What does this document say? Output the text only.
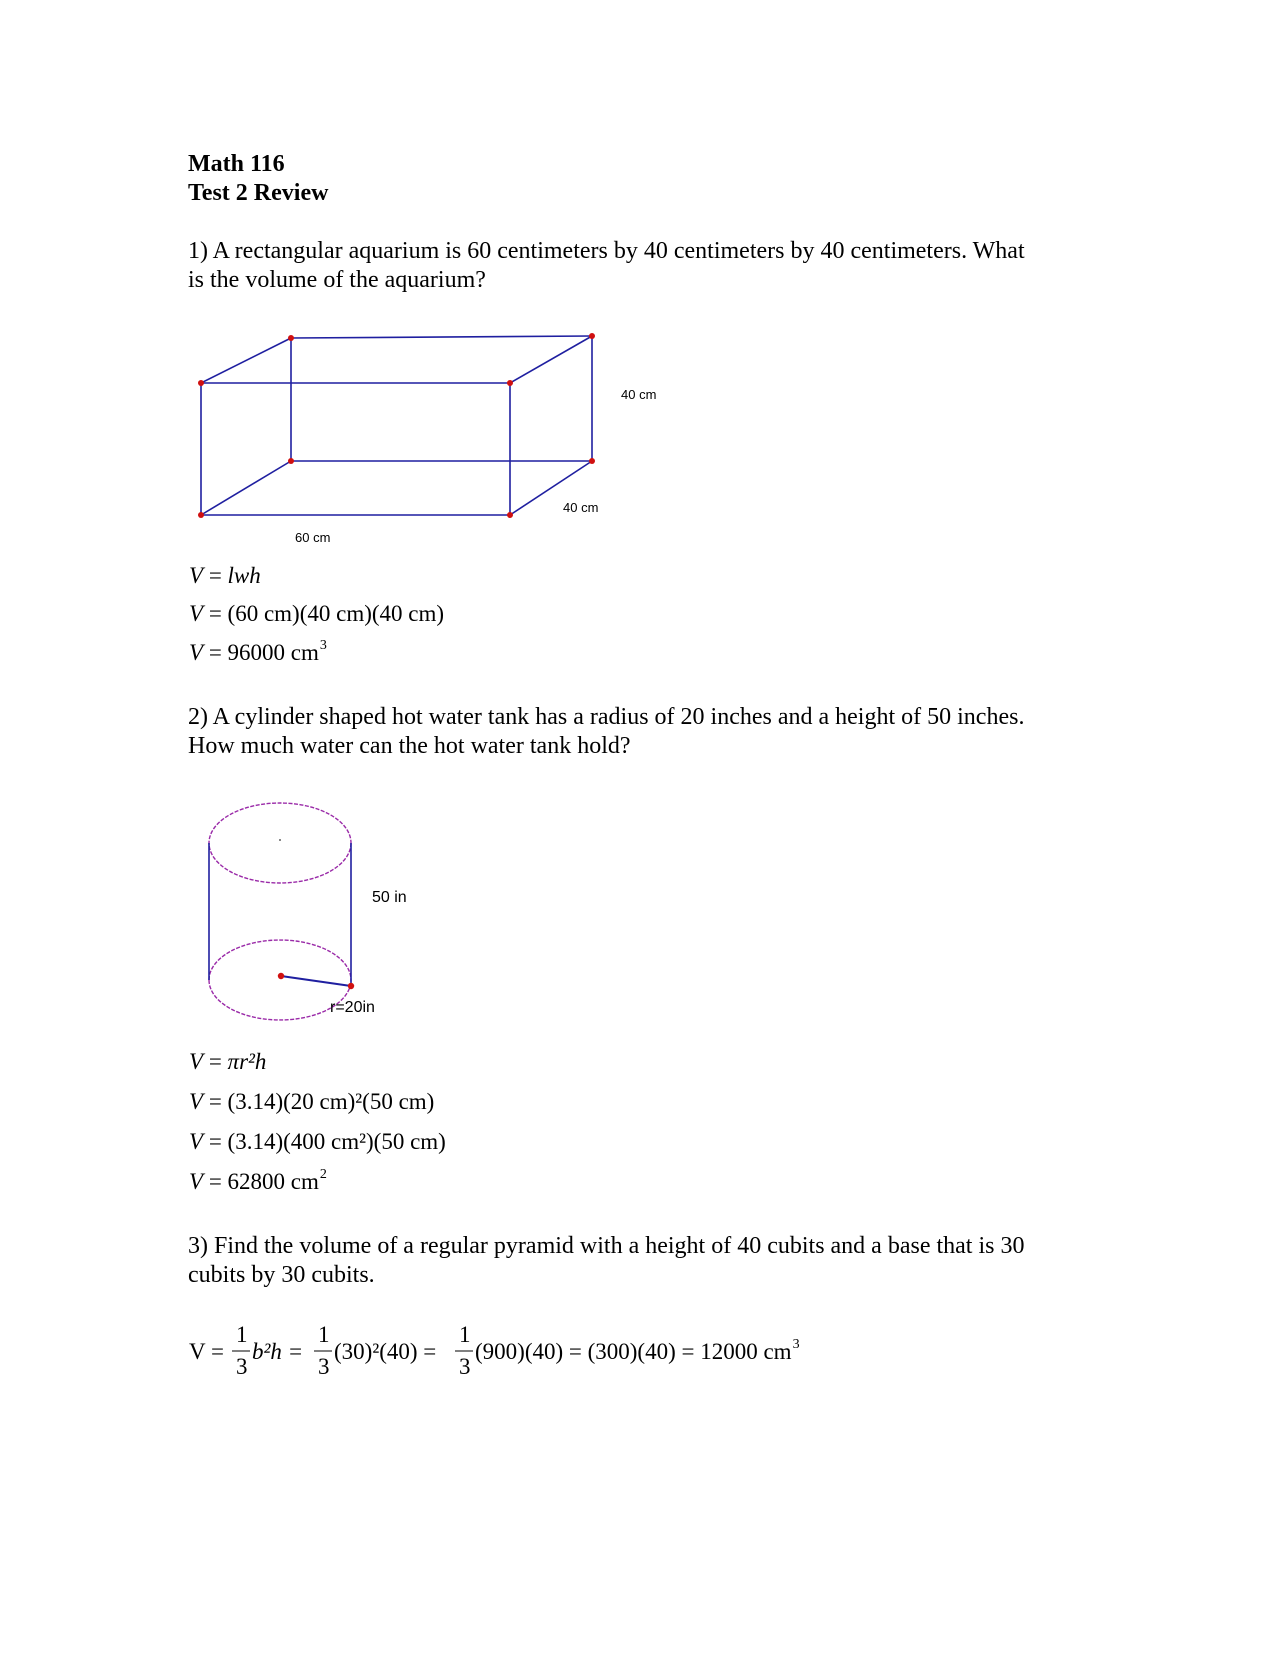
Math 116
Test 2 Review
1) A rectangular aquarium is 60 centimeters by 40 centimeters by 40 centimeters. What
is the volume of the aquarium?
40 cm
40 cm
60 cm
V = lwh
V = (60 cm)(40 cm)(40 cm)
V = 96000 $cm^3$
2) A cylinder shaped hot water tank has a radius of 20 inches and a height of 50 inches.
How much water can the hot water tank hold?
50 in
r=20in
V = πr²h
V = (3.14)(20 cm)²(50 cm)
V = (3.14)(400 cm²)(50 cm)
V = 62800 $cm^2$
3) Find the volume of a regular pyramid with a height of 40 cubits and a base that is 30
cubits by 30 cubits.
V =
1
3
b²h =
1
3
(30)²(40) =
1
3
(900)(40) = (300)(40) = 12000 $cm^3$
